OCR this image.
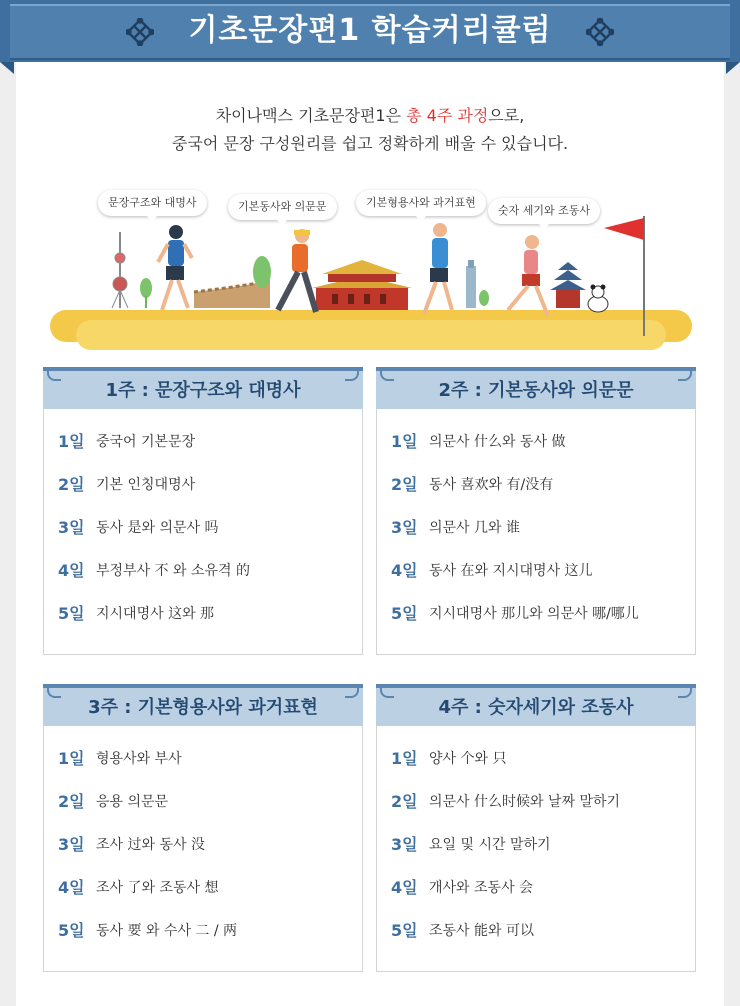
기초문장편1 학습커리큘럼
차이나맥스 기초문장편1은 총 4주 과정으로,
중국어 문장 구성원리를 쉽고 정확하게 배울 수 있습니다.
문장구조와 대명사	기본동사와 의문문	기본형용사와 과거표현
숫자 세기와 조동사
1주 : 문장구조와 대명사
1일 중국어 기본문장
2일 기본 인칭대명사
3일 동사 是와 의문사 吗
4일 부정부사 不 와 소유격 的
5일 지시대명사 这와 那
2주 : 기본동사와 의문문
1일 의문사 什么와 동사 做
2일 동사 喜欢와 有/没有
3일 의문사 几와 谁
4일 동사 在와 지시대명사 这儿
5일 지시대명사 那儿와 의문사 哪/哪儿
3주 : 기본형용사와 과거표현
1일 형용사와 부사
2일 응용 의문문
3일 조사 过와 동사 没
4일 조사 了와 조동사 想
5일 동사 要 와 수사 二 / 两
4주 : 숫자세기와 조동사
1일 양사 个와 只
2일 의문사 什么时候와 날짜 말하기
3일 요일 및 시간 말하기
4일 개사와 조동사 会
5일 조동사 能와 可以
